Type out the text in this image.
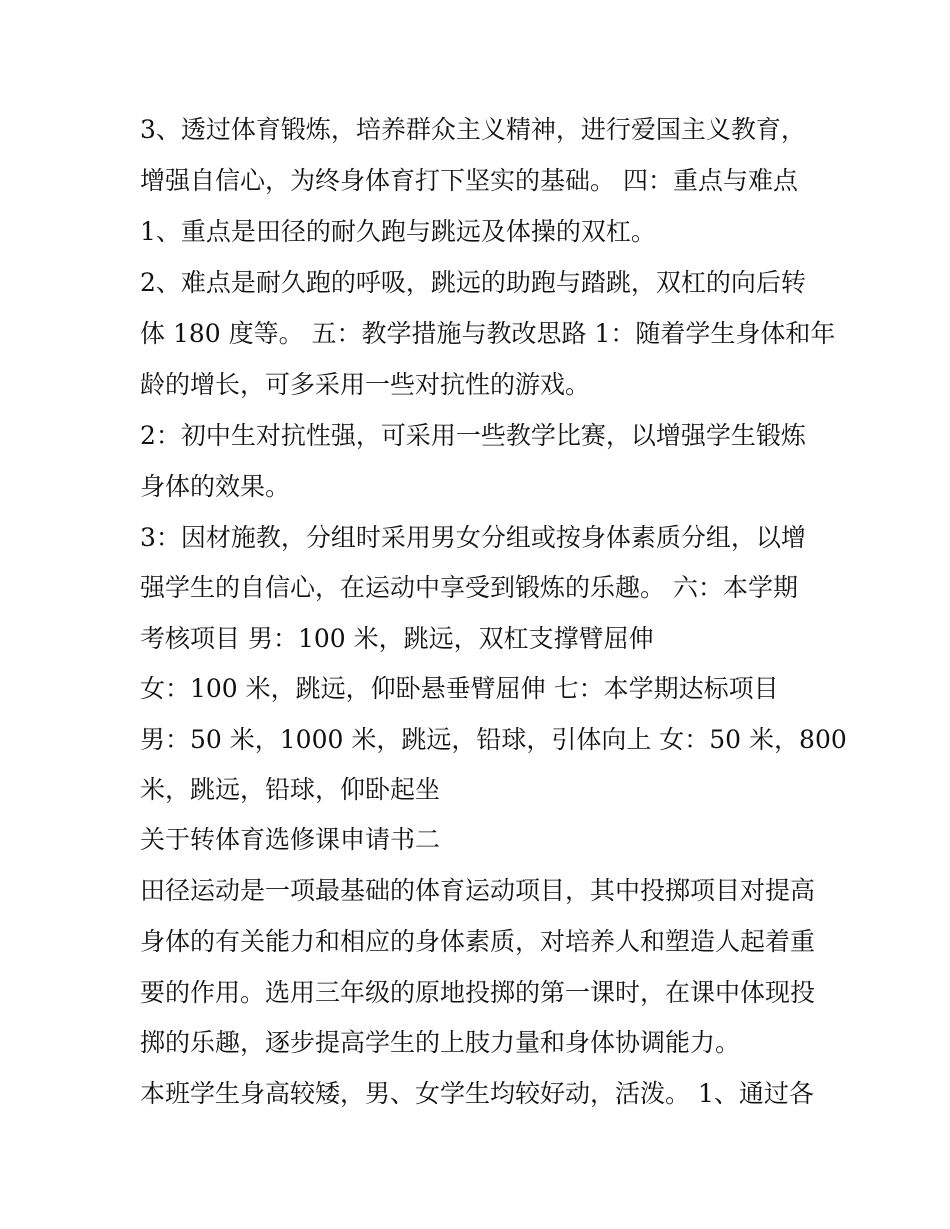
3、透过体育锻炼，培养群众主义精神，进行爱国主义教育，
增强自信心，为终身体育打下坚实的基础。 四：重点与难点
1、重点是田径的耐久跑与跳远及体操的双杠。
2、难点是耐久跑的呼吸，跳远的助跑与踏跳，双杠的向后转
体 180 度等。 五：教学措施与教改思路 1：随着学生身体和年
龄的增长，可多采用一些对抗性的游戏。
2：初中生对抗性强，可采用一些教学比赛，以增强学生锻炼
身体的效果。
3：因材施教，分组时采用男女分组或按身体素质分组，以增
强学生的自信心，在运动中享受到锻炼的乐趣。 六：本学期
考核项目 男：100 米，跳远，双杠支撑臂屈伸
女：100 米，跳远，仰卧悬垂臂屈伸 七：本学期达标项目
男：50 米，1000 米，跳远，铅球，引体向上 女：50 米，800
米，跳远，铅球，仰卧起坐
关于转体育选修课申请书二
田径运动是一项最基础的体育运动项目，其中投掷项目对提高
身体的有关能力和相应的身体素质，对培养人和塑造人起着重
要的作用。选用三年级的原地投掷的第一课时，在课中体现投
掷的乐趣，逐步提高学生的上肢力量和身体协调能力。
本班学生身高较矮，男、女学生均较好动，活泼。 1、通过各
